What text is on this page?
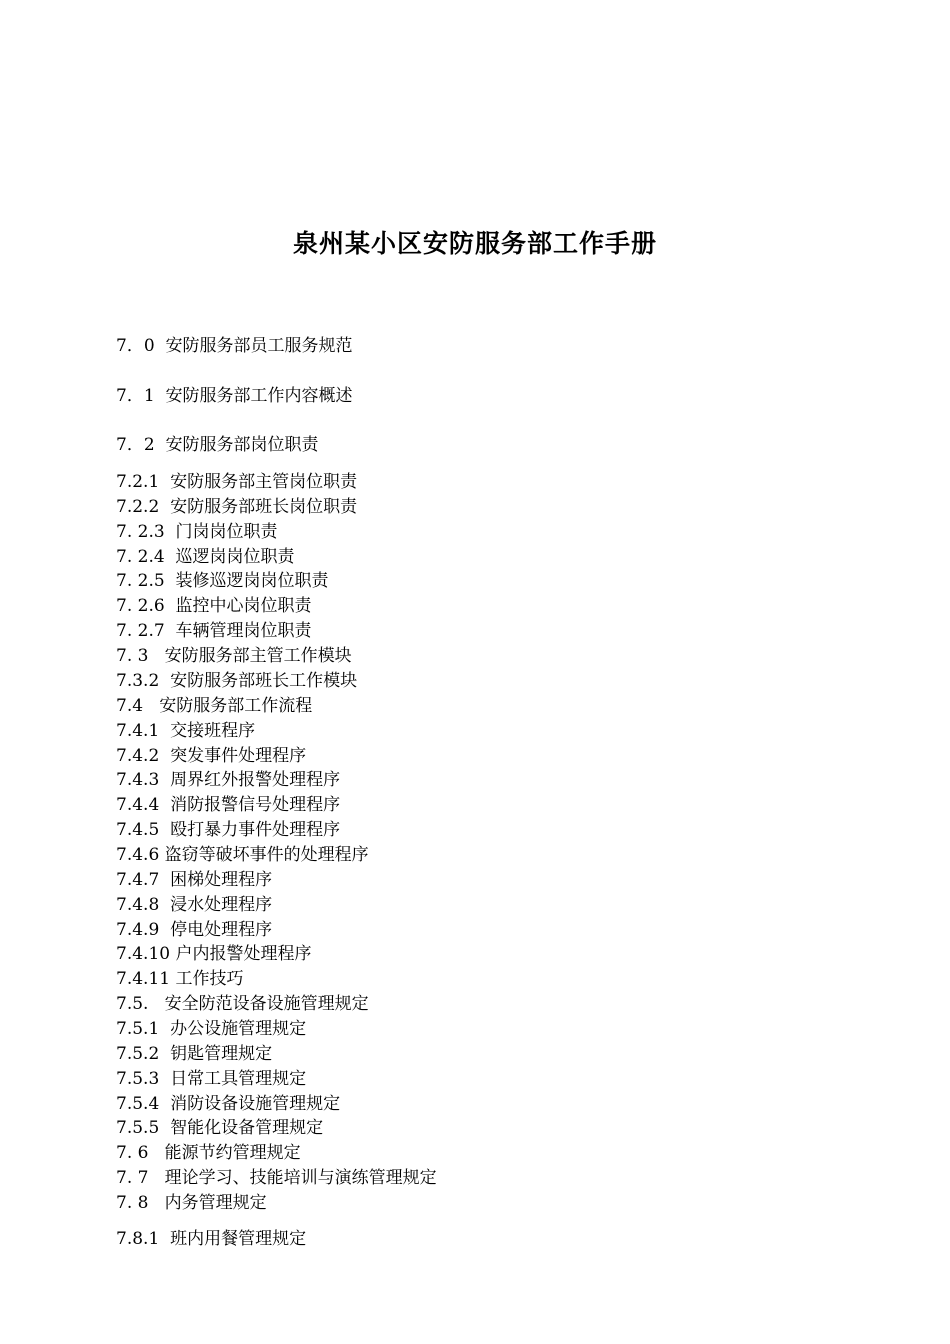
泉州某小区安防服务部工作手册
7．0  安防服务部员工服务规范
7．1  安防服务部工作内容概述
7．2  安防服务部岗位职责
7.2.1  安防服务部主管岗位职责
7.2.2  安防服务部班长岗位职责
7. 2.3  门岗岗位职责
7. 2.4  巡逻岗岗位职责
7. 2.5  装修巡逻岗岗位职责
7. 2.6  监控中心岗位职责
7. 2.7  车辆管理岗位职责
7. 3   安防服务部主管工作模块
7.3.2  安防服务部班长工作模块
7.4   安防服务部工作流程
7.4.1  交接班程序
7.4.2  突发事件处理程序
7.4.3  周界红外报警处理程序
7.4.4  消防报警信号处理程序
7.4.5  殴打暴力事件处理程序
7.4.6 盗窃等破坏事件的处理程序
7.4.7  困梯处理程序
7.4.8  浸水处理程序
7.4.9  停电处理程序
7.4.10 户内报警处理程序
7.4.11 工作技巧
7.5.   安全防范设备设施管理规定
7.5.1  办公设施管理规定
7.5.2  钥匙管理规定
7.5.3  日常工具管理规定
7.5.4  消防设备设施管理规定
7.5.5  智能化设备管理规定
7. 6   能源节约管理规定
7. 7   理论学习、技能培训与演练管理规定
7. 8   内务管理规定
7.8.1  班内用餐管理规定
